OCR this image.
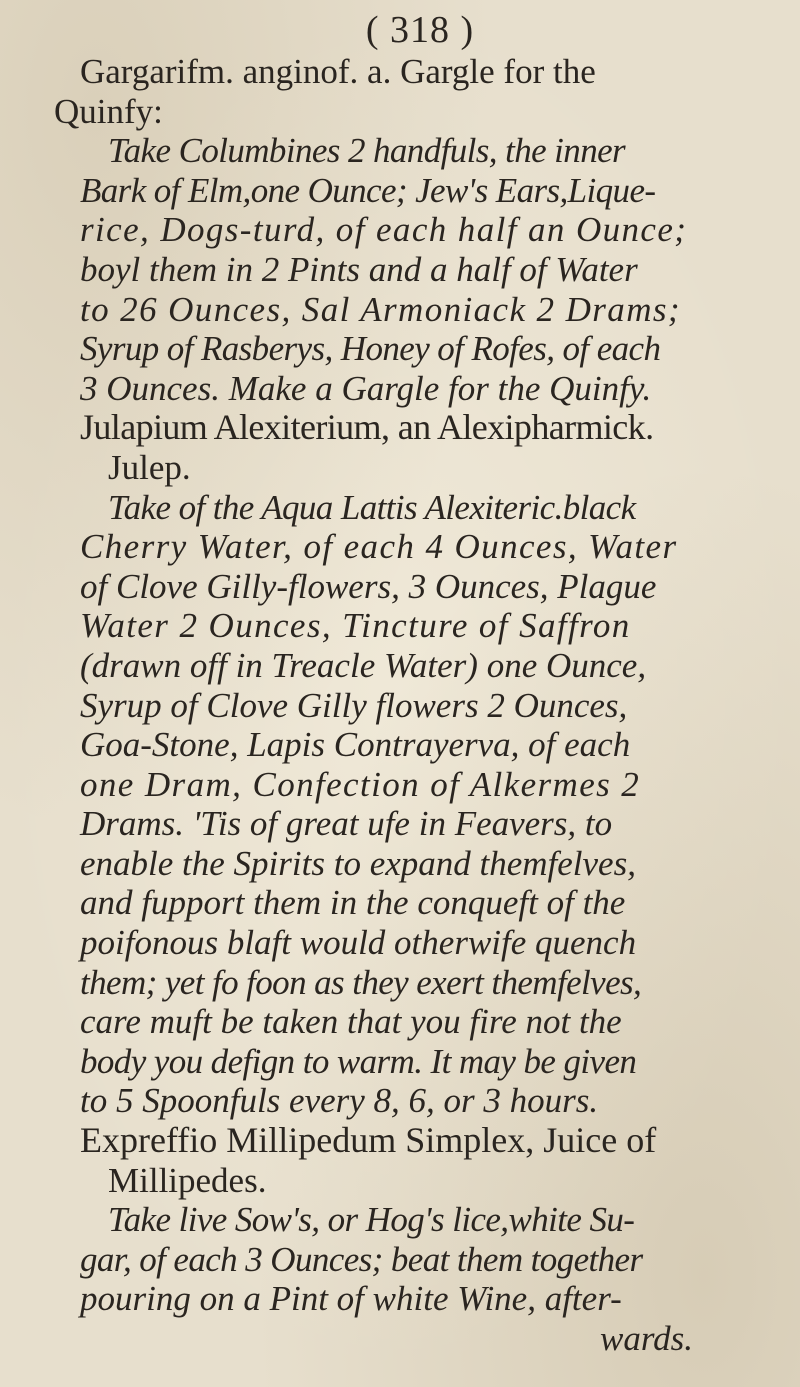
( 318 )
Gargarifm. anginof. a. Gargle for the
Quinfy:
Take Columbines 2 handfuls, the inner
Bark of Elm,one Ounce; Jew's Ears,Lique-
rice, Dogs-turd, of each half an Ounce;
boyl them in 2 Pints and a half of Water
to 26 Ounces, Sal Armoniack 2 Drams;
Syrup of Rasberys, Honey of Rofes, of each
3 Ounces. Make a Gargle for the Quinfy.
Julapium Alexiterium, an Alexipharmick.
Julep.
Take of the Aqua Lattis Alexiteric.black
Cherry Water, of each 4 Ounces, Water
of Clove Gilly-flowers, 3 Ounces, Plague
Water 2 Ounces, Tincture of Saffron
(drawn off in Treacle Water) one Ounce,
Syrup of Clove Gilly flowers 2 Ounces,
Goa-Stone, Lapis Contrayerva, of each
one Dram, Confection of Alkermes 2
Drams. 'Tis of great ufe in Feavers, to
enable the Spirits to expand themfelves,
and fupport them in the conqueft of the
poifonous blaft would otherwife quench
them; yet fo foon as they exert themfelves,
care muft be taken that you fire not the
body you defign to warm. It may be given
to 5 Spoonfuls every 8, 6, or 3 hours.
Expreffio Millipedum Simplex, Juice of
Millipedes.
Take live Sow's, or Hog's lice,white Su-
gar, of each 3 Ounces; beat them together
pouring on a Pint of white Wine, after-
wards.
